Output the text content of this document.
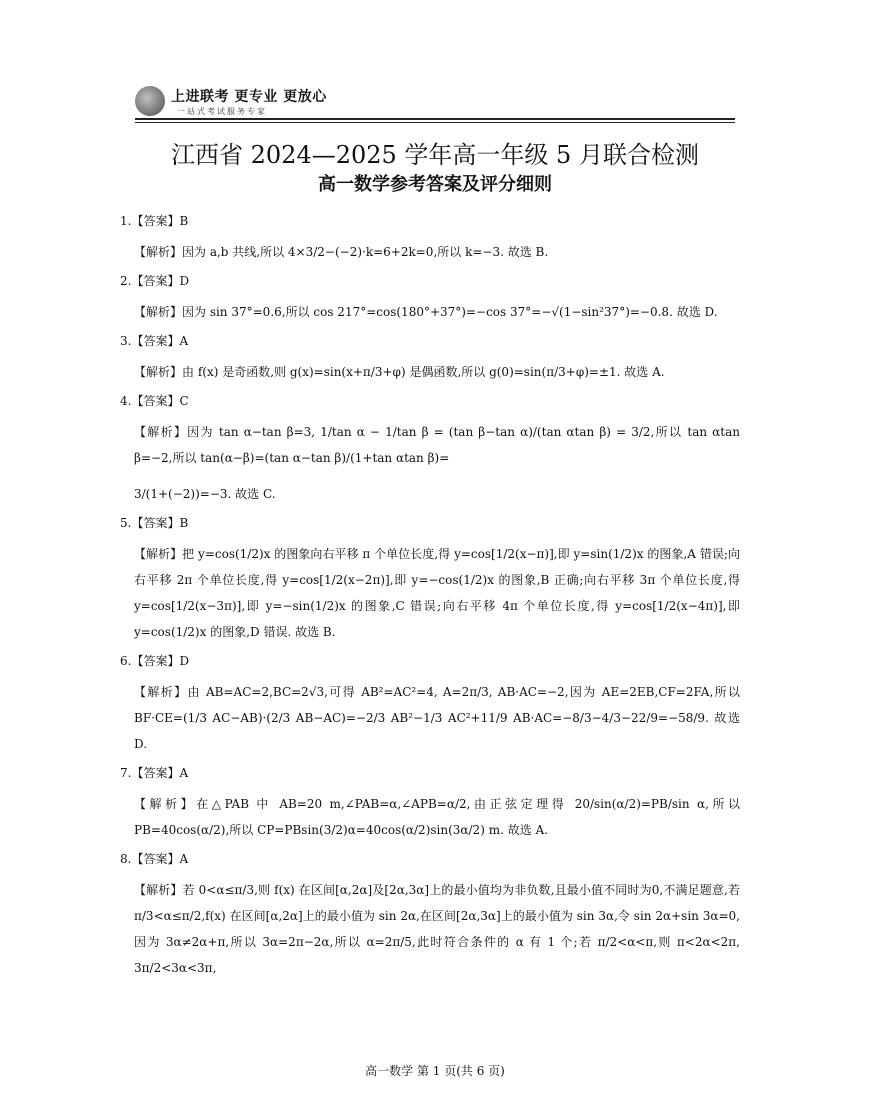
上进联考 更专业 更放心
一站式考试服务专家
江西省 2024—2025 学年高一年级 5 月联合检测
高一数学参考答案及评分细则
1.【答案】B
【解析】因为 a,b 共线,所以 4×3/2−(−2)·k=6+2k=0,所以 k=−3. 故选 B.
2.【答案】D
【解析】因为 sin 37°=0.6,所以 cos 217°=cos(180°+37°)=−cos 37°=−√(1−sin²37°)=−0.8. 故选 D.
3.【答案】A
【解析】由 f(x) 是奇函数,则 g(x)=sin(x+π/3+φ) 是偶函数,所以 g(0)=sin(π/3+φ)=±1. 故选 A.
4.【答案】C
【解析】因为 tan α−tan β=3, 1/tan α − 1/tan β = (tan β−tan α)/(tan αtan β) = 3/2,所以 tan αtan β=−2,所以 tan(α−β)=(tan α−tan β)/(1+tan αtan β)=
3/(1+(−2))=−3. 故选 C.
5.【答案】B
【解析】把 y=cos(1/2)x 的图象向右平移 π 个单位长度,得 y=cos[1/2(x−π)],即 y=sin(1/2)x 的图象,A 错误;向右平移 2π 个单位长度,得 y=cos[1/2(x−2π)],即 y=−cos(1/2)x 的图象,B 正确;向右平移 3π 个单位长度,得 y=cos[1/2(x−3π)],即 y=−sin(1/2)x 的图象,C 错误;向右平移 4π 个单位长度,得 y=cos[1/2(x−4π)],即 y=cos(1/2)x 的图象,D 错误. 故选 B.
6.【答案】D
【解析】由 AB=AC=2,BC=2√3,可得 AB²=AC²=4, A=2π/3, AB·AC=−2,因为 AE=2EB,CF=2FA,所以 BF·CE=(1/3 AC−AB)·(2/3 AB−AC)=−2/3 AB²−1/3 AC²+11/9 AB·AC=−8/3−4/3−22/9=−58/9. 故选 D.
7.【答案】A
【解析】在△PAB 中 AB=20 m,∠PAB=α,∠APB=α/2,由正弦定理得 20/sin(α/2)=PB/sin α,所以 PB=40cos(α/2),所以 CP=PBsin(3/2)α=40cos(α/2)sin(3α/2) m. 故选 A.
8.【答案】A
【解析】若 0<α≤π/3,则 f(x) 在区间[α,2α]及[2α,3α]上的最小值均为非负数,且最小值不同时为0,不满足题意,若 π/3<α≤π/2,f(x) 在区间[α,2α]上的最小值为 sin 2α,在区间[2α,3α]上的最小值为 sin 3α,令 sin 2α+sin 3α=0,因为 3α≠2α+π,所以 3α=2π−2α,所以 α=2π/5,此时符合条件的 α 有 1 个;若 π/2<α<π,则 π<2α<2π, 3π/2<3α<3π,
高一数学 第 1 页(共 6 页)
